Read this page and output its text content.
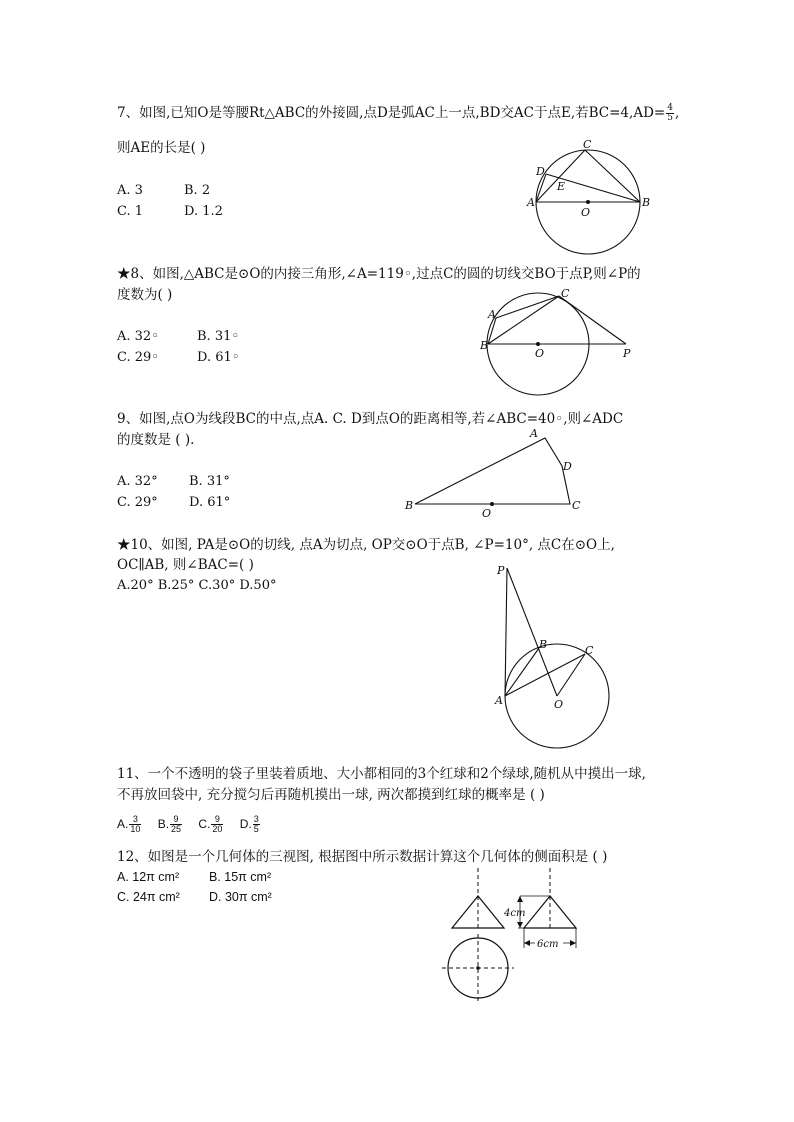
7、如图,已知O是等腰Rt△ABC的外接圆,点D是弧AC上一点,BD交AC于点E,若$BC=4,AD= \frac{4}{5}$ ,
则AE的长是( )
A. 3	B. 2
C. 1	D. 1.2
C
D
E
A
O
B
★8、如图,△ABC是⊙O的内接三角形,∠A=119◦,过点C的圆的切线交BO于点P,则∠P的
度数为( )
A. 32◦	B. 31◦
C. 29◦	D. 61◦
A
C
B
O	P
9、如图,点O为线段BC的中点,点A. C. D到点O的距离相等,若∠ABC=40◦,则∠ADC
的度数是 ( ).
A. 32° B. 31°
C. 29° D. 61°	B
A
D
C
O
★10、如图, PA是⊙O的切线, 点A为切点, OP交⊙O于点B, ∠P=10°, 点C在⊙O上,
OC∥AB, 则∠BAC=( )
A.20° B.25° C.30° D.50°
P
B	C
A	O
11、一个不透明的袋子里装着质地、大小都相同的3个红球和2个绿球,随机从中摸出一球,
不再放回袋中, 充分搅匀后再随机摸出一球, 两次都摸到红球的概率是 ( )
A. $\frac{3}{10} B$. $\frac{9}{25} C$. $\frac{9}{20} D$. $\frac{3}{5}$
12、如图是一个几何体的三视图, 根据图中所示数据计算这个几何体的侧面积是 ( )
A. 12π cm² B. 15π cm²
C. 24π cm² D. 30π cm²
4cm
6cm
